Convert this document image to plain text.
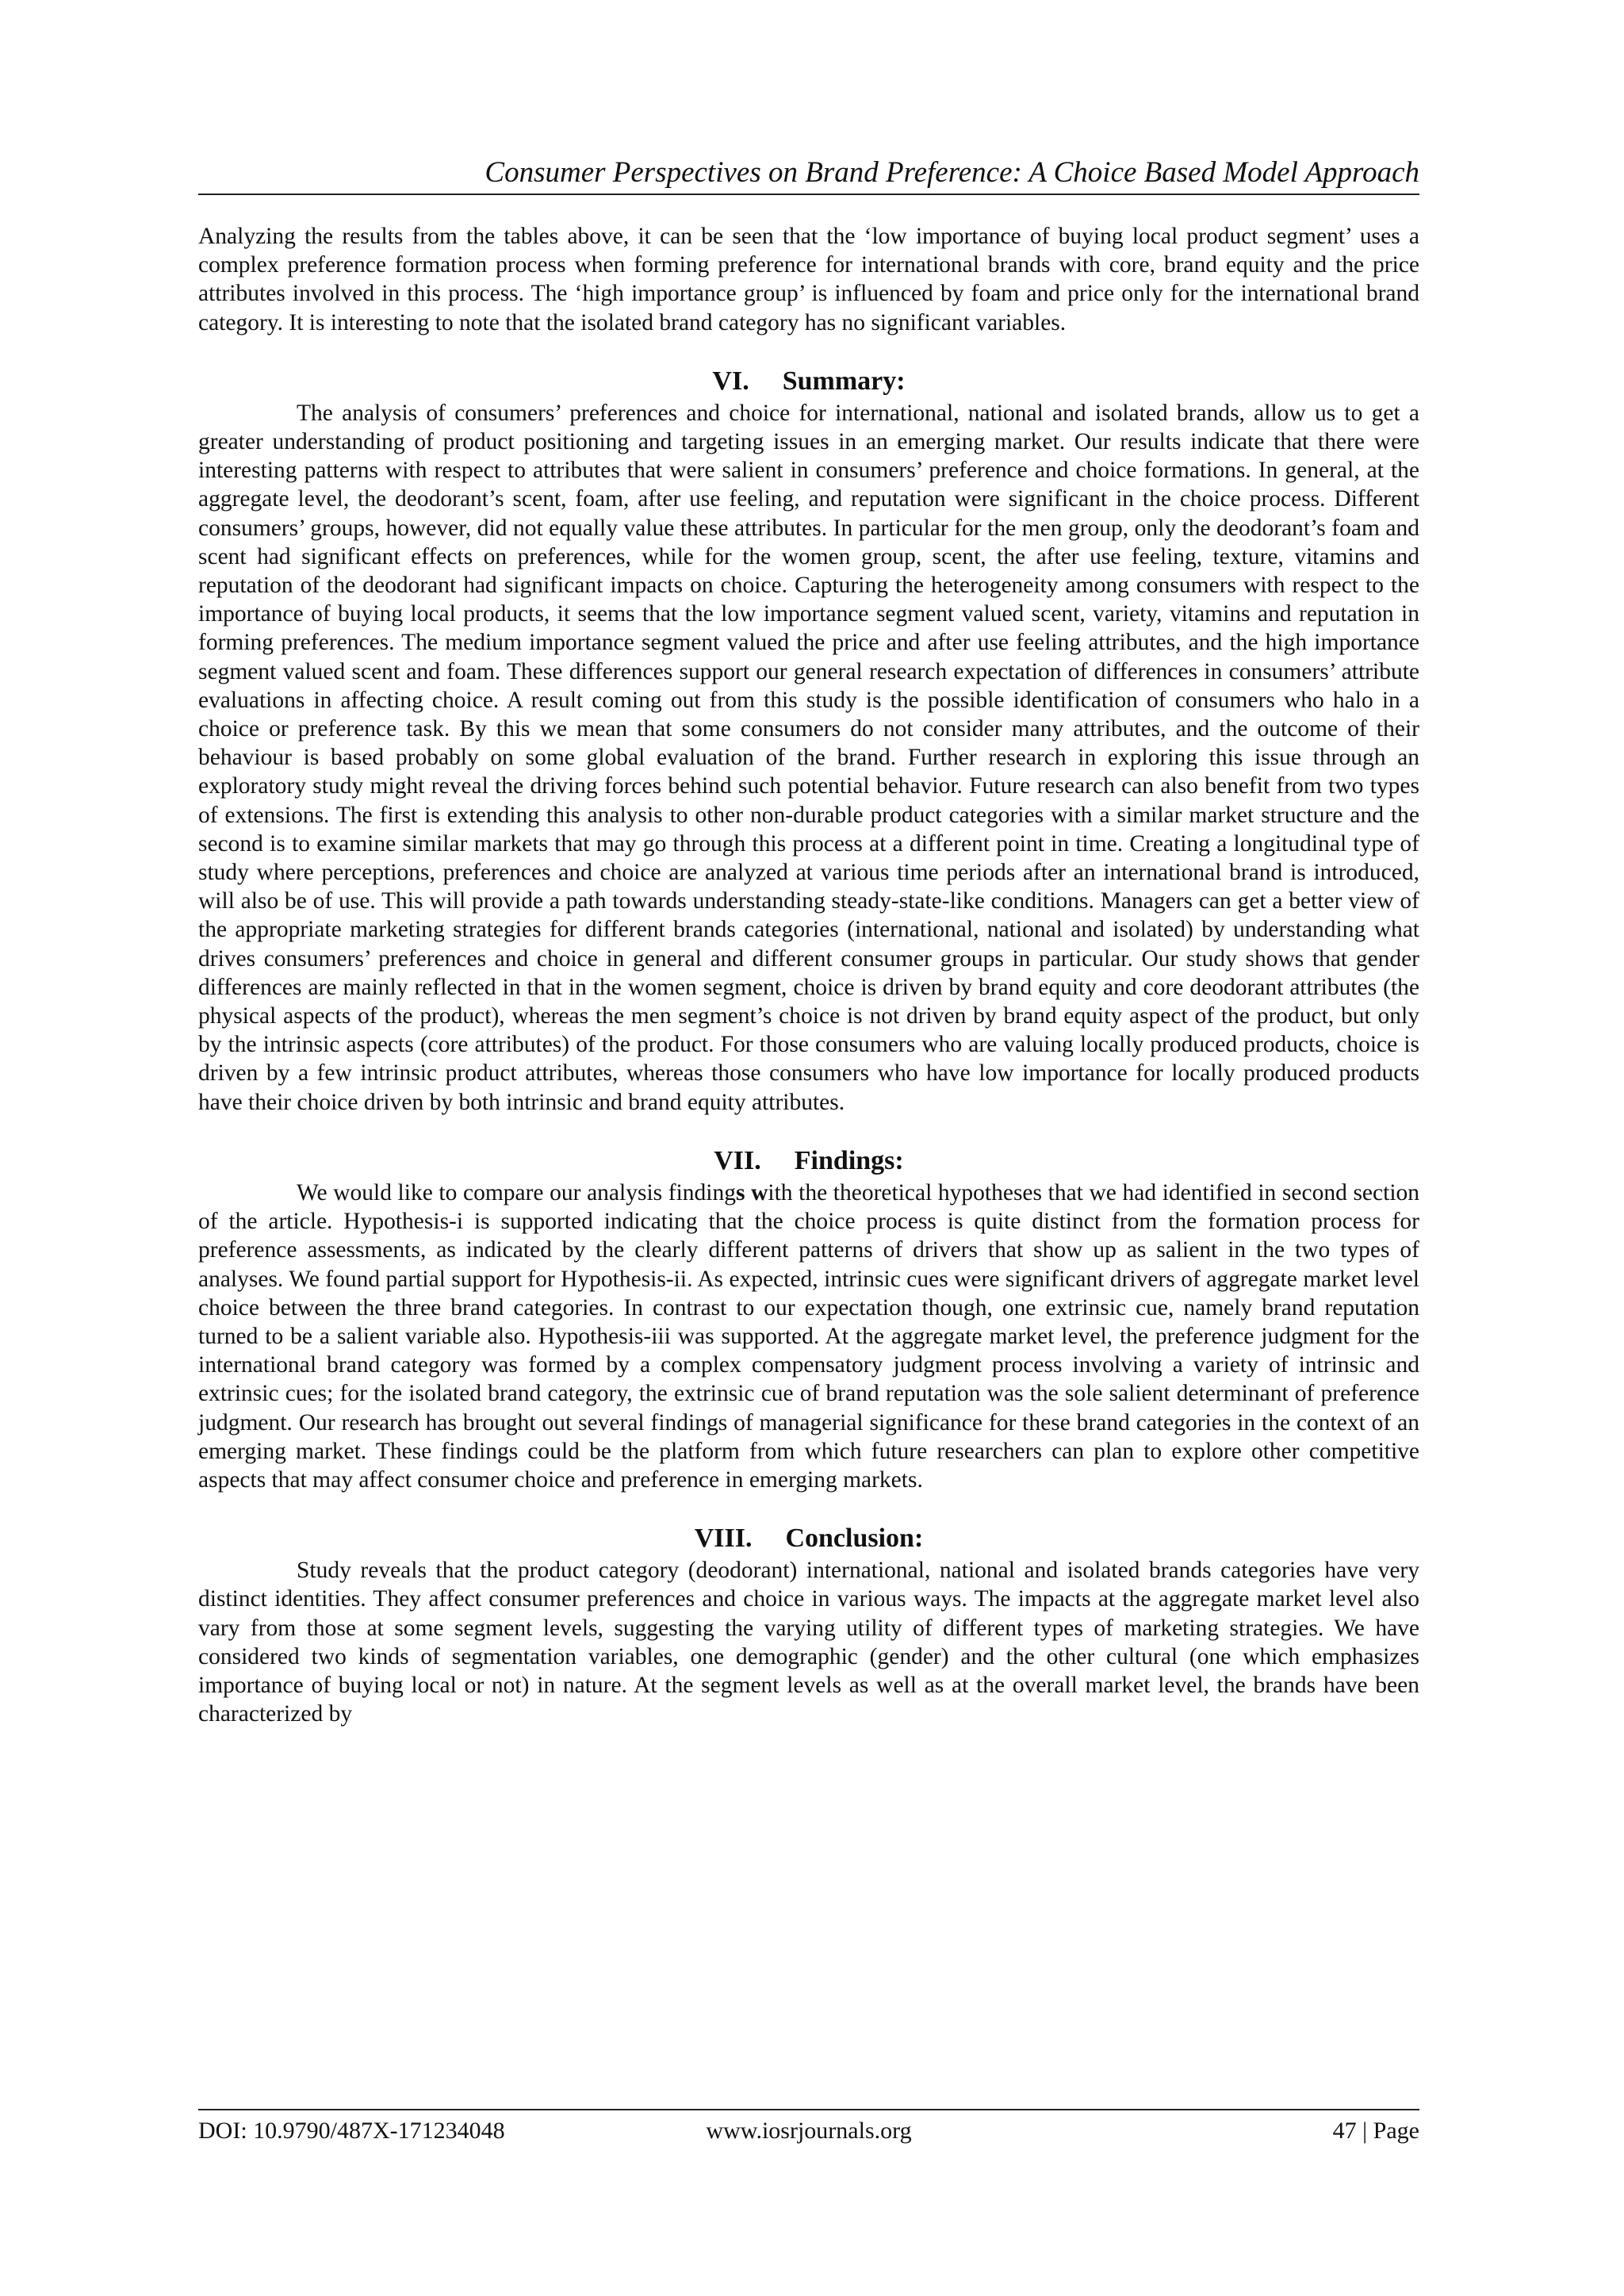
Consumer Perspectives on Brand Preference: A Choice Based Model Approach

Analyzing the results from the tables above, it can be seen that the ‘low importance of buying local product segment’ uses a complex preference formation process when forming preference for international brands with core, brand equity and the price attributes involved in this process. The ‘high importance group’ is influenced by foam and price only for the international brand category. It is interesting to note that the isolated brand category has no significant variables.

VI. Summary:

The analysis of consumers’ preferences and choice for international, national and isolated brands, allow us to get a greater understanding of product positioning and targeting issues in an emerging market. Our results indicate that there were interesting patterns with respect to attributes that were salient in consumers’ preference and choice formations. In general, at the aggregate level, the deodorant’s scent, foam, after use feeling, and reputation were significant in the choice process. Different consumers’ groups, however, did not equally value these attributes. In particular for the men group, only the deodorant’s foam and scent had significant effects on preferences, while for the women group, scent, the after use feeling, texture, vitamins and reputation of the deodorant had significant impacts on choice. Capturing the heterogeneity among consumers with respect to the importance of buying local products, it seems that the low importance segment valued scent, variety, vitamins and reputation in forming preferences. The medium importance segment valued the price and after use feeling attributes, and the high importance segment valued scent and foam. These differences support our general research expectation of differences in consumers’ attribute evaluations in affecting choice. A result coming out from this study is the possible identification of consumers who halo in a choice or preference task. By this we mean that some consumers do not consider many attributes, and the outcome of their behaviour is based probably on some global evaluation of the brand. Further research in exploring this issue through an exploratory study might reveal the driving forces behind such potential behavior. Future research can also benefit from two types of extensions. The first is extending this analysis to other non-durable product categories with a similar market structure and the second is to examine similar markets that may go through this process at a different point in time. Creating a longitudinal type of study where perceptions, preferences and choice are analyzed at various time periods after an international brand is introduced, will also be of use. This will provide a path towards understanding steady-state-like conditions. Managers can get a better view of the appropriate marketing strategies for different brands categories (international, national and isolated) by understanding what drives consumers’ preferences and choice in general and different consumer groups in particular. Our study shows that gender differences are mainly reflected in that in the women segment, choice is driven by brand equity and core deodorant attributes (the physical aspects of the product), whereas the men segment’s choice is not driven by brand equity aspect of the product, but only by the intrinsic aspects (core attributes) of the product. For those consumers who are valuing locally produced products, choice is driven by a few intrinsic product attributes, whereas those consumers who have low importance for locally produced products have their choice driven by both intrinsic and brand equity attributes.

VII. Findings:

We would like to compare our analysis findings with the theoretical hypotheses that we had identified in second section of the article. Hypothesis-i is supported indicating that the choice process is quite distinct from the formation process for preference assessments, as indicated by the clearly different patterns of drivers that show up as salient in the two types of analyses. We found partial support for Hypothesis-ii. As expected, intrinsic cues were significant drivers of aggregate market level choice between the three brand categories. In contrast to our expectation though, one extrinsic cue, namely brand reputation turned to be a salient variable also. Hypothesis-iii was supported. At the aggregate market level, the preference judgment for the international brand category was formed by a complex compensatory judgment process involving a variety of intrinsic and extrinsic cues; for the isolated brand category, the extrinsic cue of brand reputation was the sole salient determinant of preference judgment. Our research has brought out several findings of managerial significance for these brand categories in the context of an emerging market. These findings could be the platform from which future researchers can plan to explore other competitive aspects that may affect consumer choice and preference in emerging markets.

VIII. Conclusion:

Study reveals that the product category (deodorant) international, national and isolated brands categories have very distinct identities. They affect consumer preferences and choice in various ways. The impacts at the aggregate market level also vary from those at some segment levels, suggesting the varying utility of different types of marketing strategies. We have considered two kinds of segmentation variables, one demographic (gender) and the other cultural (one which emphasizes importance of buying local or not) in nature. At the segment levels as well as at the overall market level, the brands have been characterized by

DOI: 10.9790/487X-171234048	www.iosrjournals.org	47 | Page
